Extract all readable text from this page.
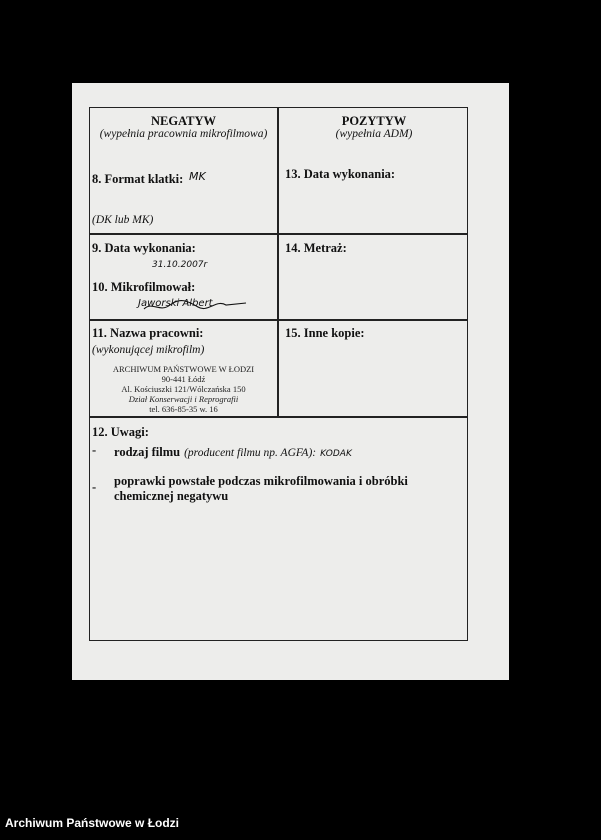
NEGATYW
(wypełnia pracownia mikrofilmowa)
POZYTYW
(wypełnia ADM)
8. Format klatki: MK
(DK lub MK)
13. Data wykonania:
9. Data wykonania:
31.10.2007r
10. Mikrofilmował:
Jaworski Albert
14. Metraż:
11. Nazwa pracowni:
(wykonującej mikrofilm)
15. Inne kopie:
ARCHIWUM PAŃSTWOWE W ŁODZI
90-441 Łódź
Al. Kościuszki 121/Wólczańska 150
Dział Konserwacji i Reprografii
tel. 636-85-35 w. 16
12. Uwagi:
- rodzaj filmu (producent filmu np. AGFA): KODAK
- poprawki powstałe podczas mikrofilmowania i obróbki
chemicznej negatywu
Archiwum Państwowe w Łodzi
